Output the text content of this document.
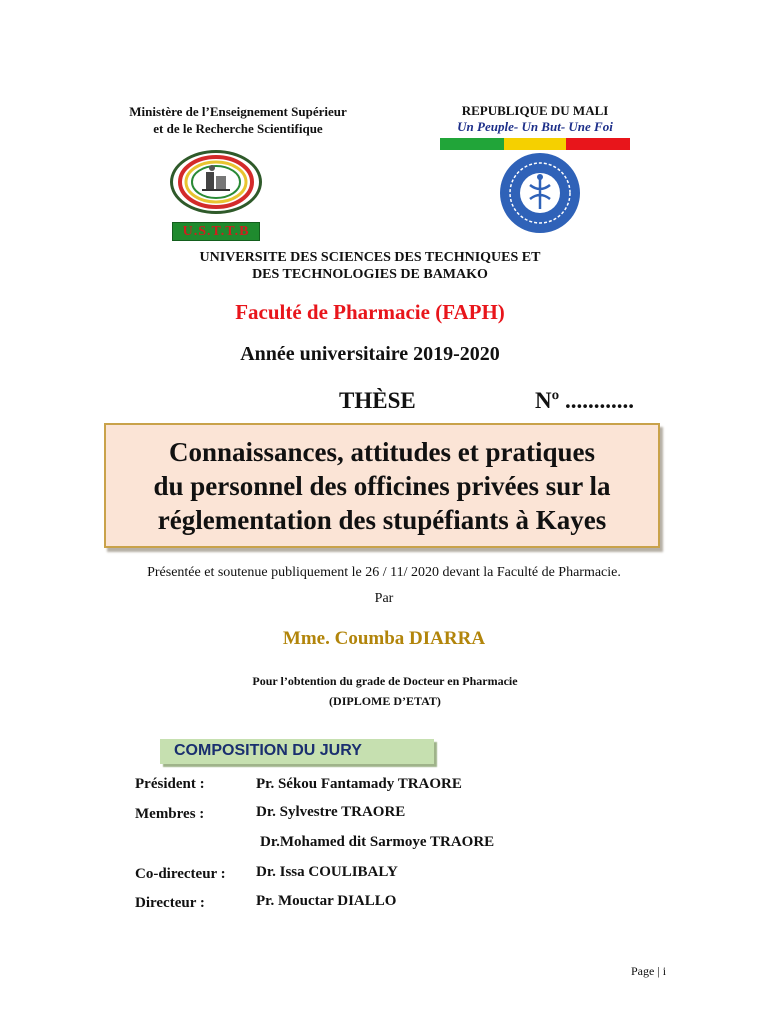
Ministère de l’Enseignement Supérieur
et de le Recherche Scientifique
REPUBLIQUE DU MALI
Un Peuple- Un But- Une Foi
U.S.T.T.B
UNIVERSITE DES SCIENCES DES TECHNIQUES ET
DES TECHNOLOGIES DE BAMAKO
Faculté de Pharmacie (FAPH)
Année universitaire 2019-2020
THÈSE	Nº ............
Connaissances, attitudes et pratiques
du personnel des officines privées sur la
réglementation des stupéfiants à Kayes
Présentée et soutenue publiquement le 26 / 11/ 2020 devant la Faculté de Pharmacie.
Par
Mme. Coumba DIARRA
Pour l’obtention du grade de Docteur en Pharmacie
(DIPLOME D’ETAT)
COMPOSITION DU JURY
Président :	Pr. Sékou Fantamady TRAORE
Membres :	Dr. Sylvestre TRAORE
Dr.Mohamed dit Sarmoye TRAORE
Co-directeur : Dr. Issa COULIBALY
Directeur :	Pr. Mouctar DIALLO
Page | i
